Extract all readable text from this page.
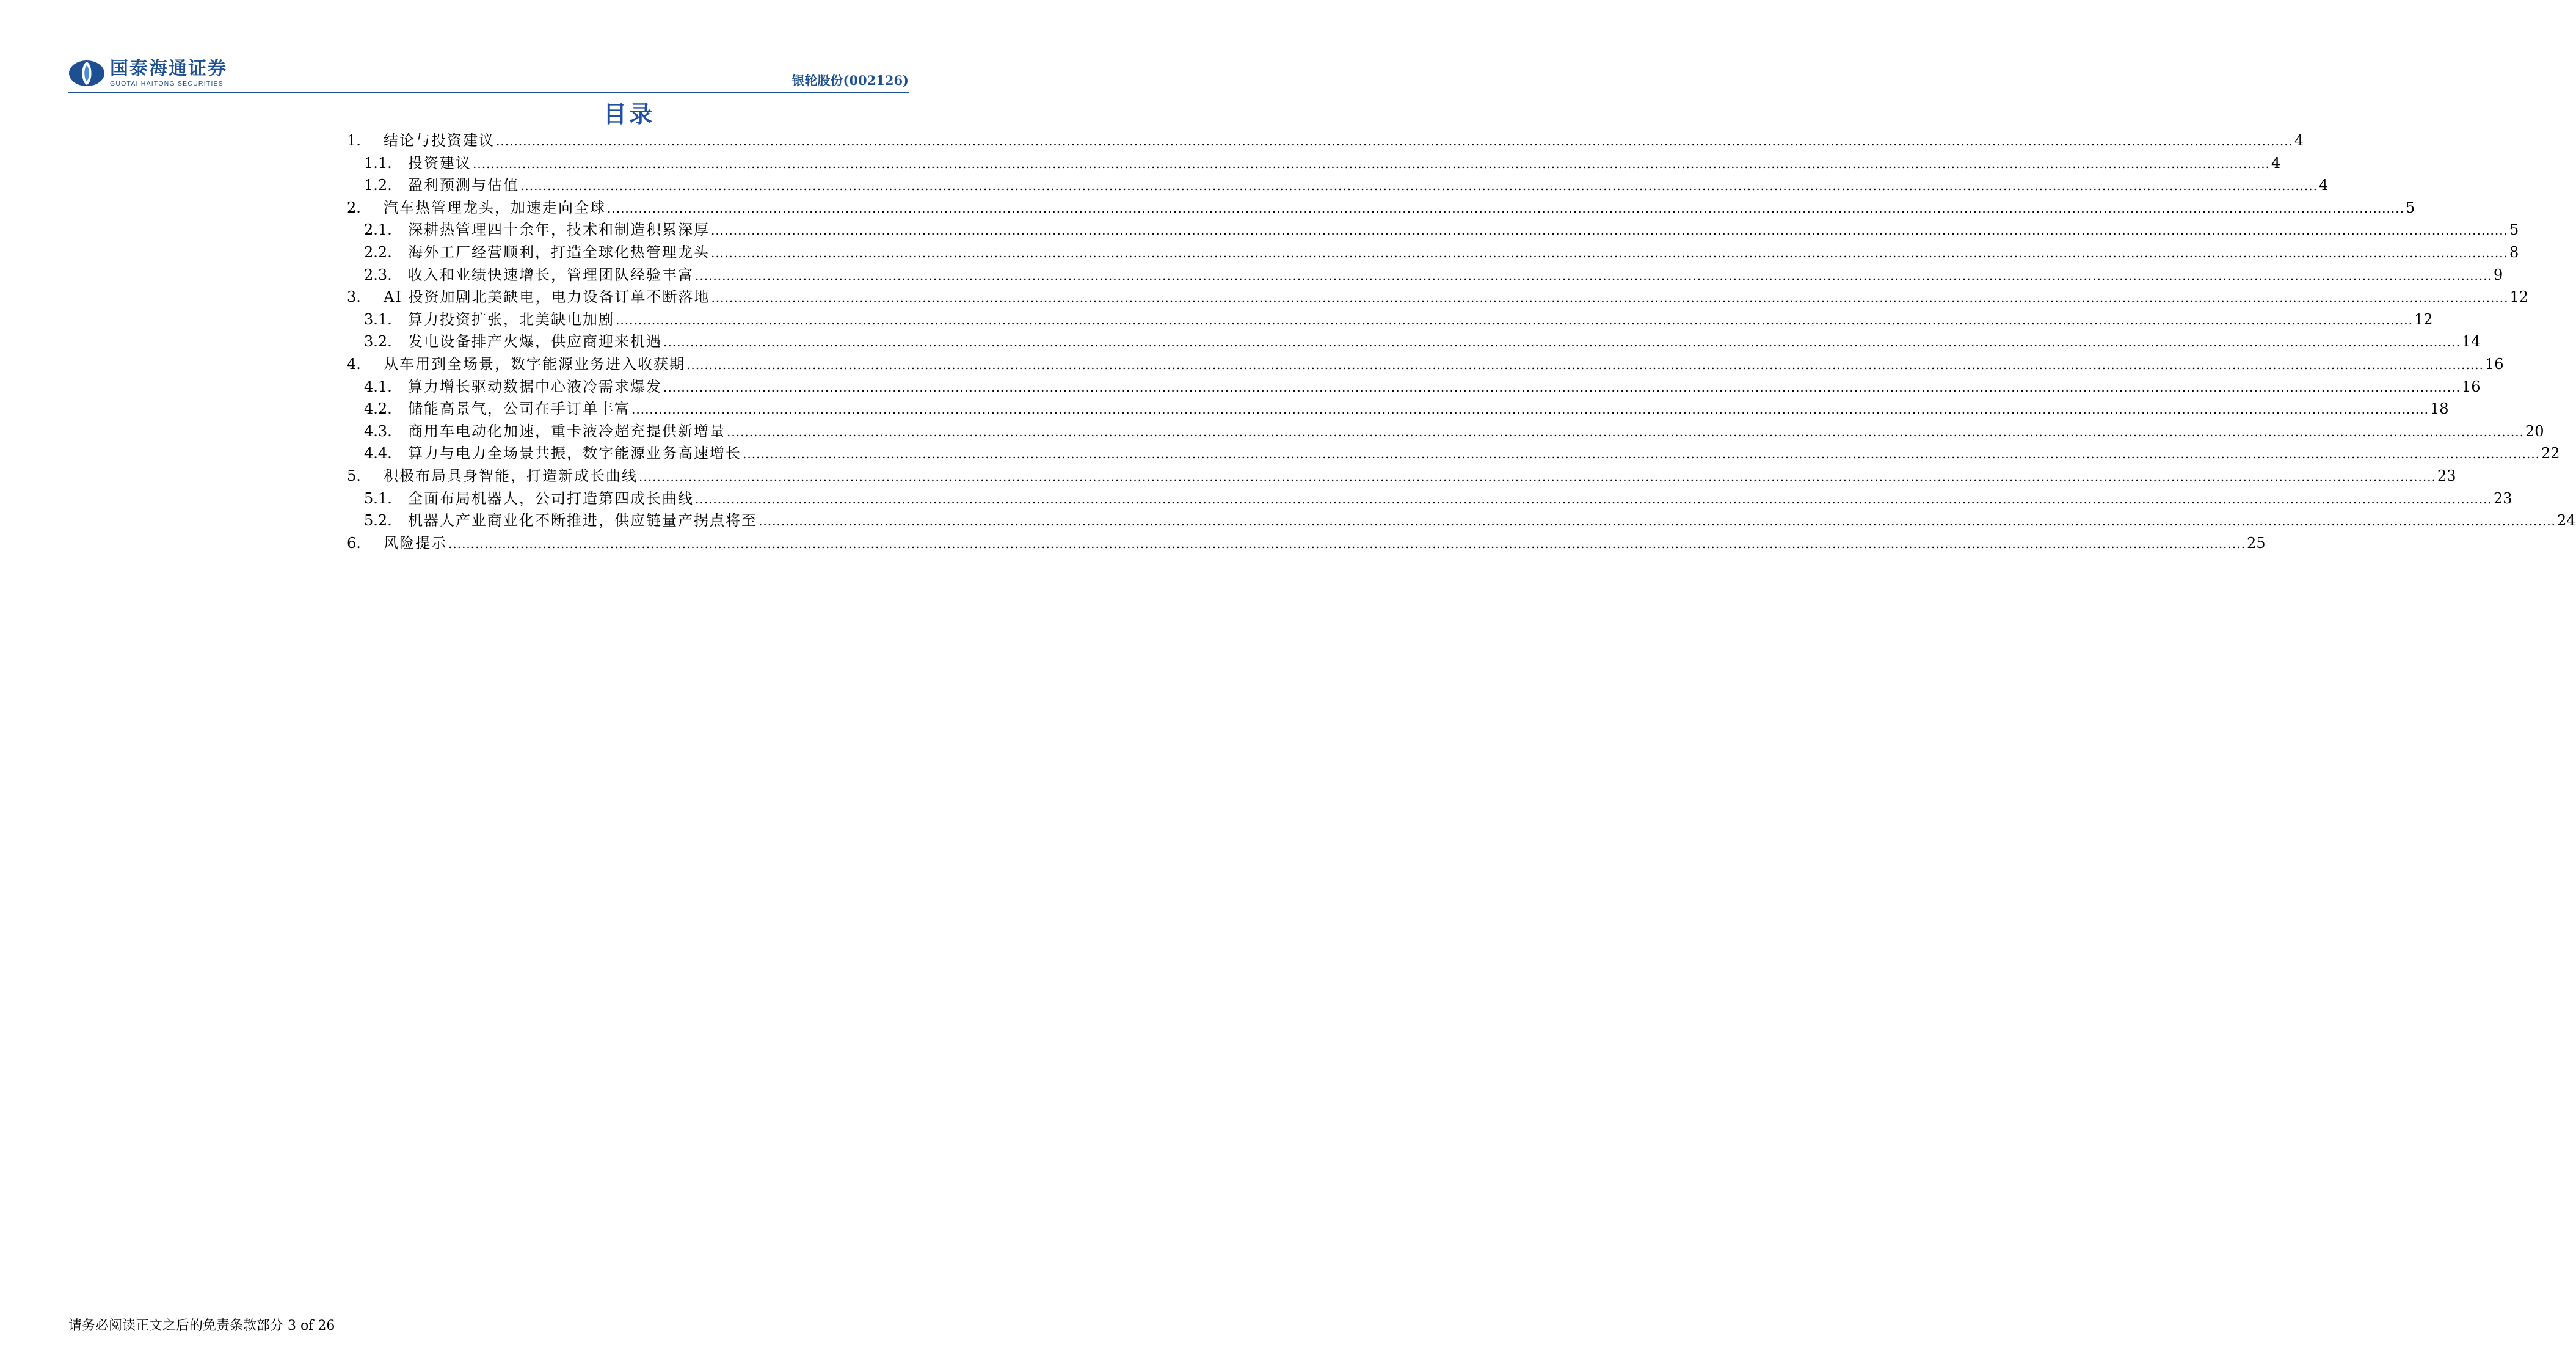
国泰海通证券
GUOTAI HAITONG SECURITIES	银轮股份(002126)
目录
1.	结论与投资建议 ................................................................................................................................................................................................................................................................................................................................................................................................................ 4
1.1.	投资建议 ................................................................................................................................................................................................................................................................................................................................................................................................................ 4
1.2.	盈利预测与估值 ................................................................................................................................................................................................................................................................................................................................................................................................................ 4
2.	汽车热管理龙头，加速走向全球 ................................................................................................................................................................................................................................................................................................................................................................................................................ 5
2.1.	深耕热管理四十余年，技术和制造积累深厚 ................................................................................................................................................................................................................................................................................................................................................................................................................ 5
2.2.	海外工厂经营顺利，打造全球化热管理龙头 ................................................................................................................................................................................................................................................................................................................................................................................................................ 8
2.3.	收入和业绩快速增长，管理团队经验丰富 ................................................................................................................................................................................................................................................................................................................................................................................................................ 9
3.	AI 投资加剧北美缺电，电力设备订单不断落地 ................................................................................................................................................................................................................................................................................................................................................................................................................ 12
3.1.	算力投资扩张，北美缺电加剧 ................................................................................................................................................................................................................................................................................................................................................................................................................ 12
3.2.	发电设备排产火爆，供应商迎来机遇 ................................................................................................................................................................................................................................................................................................................................................................................................................ 14
4.	从车用到全场景，数字能源业务进入收获期 ................................................................................................................................................................................................................................................................................................................................................................................................................ 16
4.1.	算力增长驱动数据中心液冷需求爆发 ................................................................................................................................................................................................................................................................................................................................................................................................................ 16
4.2.	储能高景气，公司在手订单丰富 ................................................................................................................................................................................................................................................................................................................................................................................................................ 18
4.3.	商用车电动化加速，重卡液冷超充提供新增量 ................................................................................................................................................................................................................................................................................................................................................................................................................ 20
4.4.	算力与电力全场景共振，数字能源业务高速增长 ................................................................................................................................................................................................................................................................................................................................................................................................................ 22
5.	积极布局具身智能，打造新成长曲线 ................................................................................................................................................................................................................................................................................................................................................................................................................ 23
5.1.	全面布局机器人，公司打造第四成长曲线 ................................................................................................................................................................................................................................................................................................................................................................................................................ 23
5.2.	机器人产业商业化不断推进，供应链量产拐点将至 ................................................................................................................................................................................................................................................................................................................................................................................................................ 24
6.	风险提示 ................................................................................................................................................................................................................................................................................................................................................................................................................ 25
请务必阅读正文之后的免责条款部分 3 of 26
